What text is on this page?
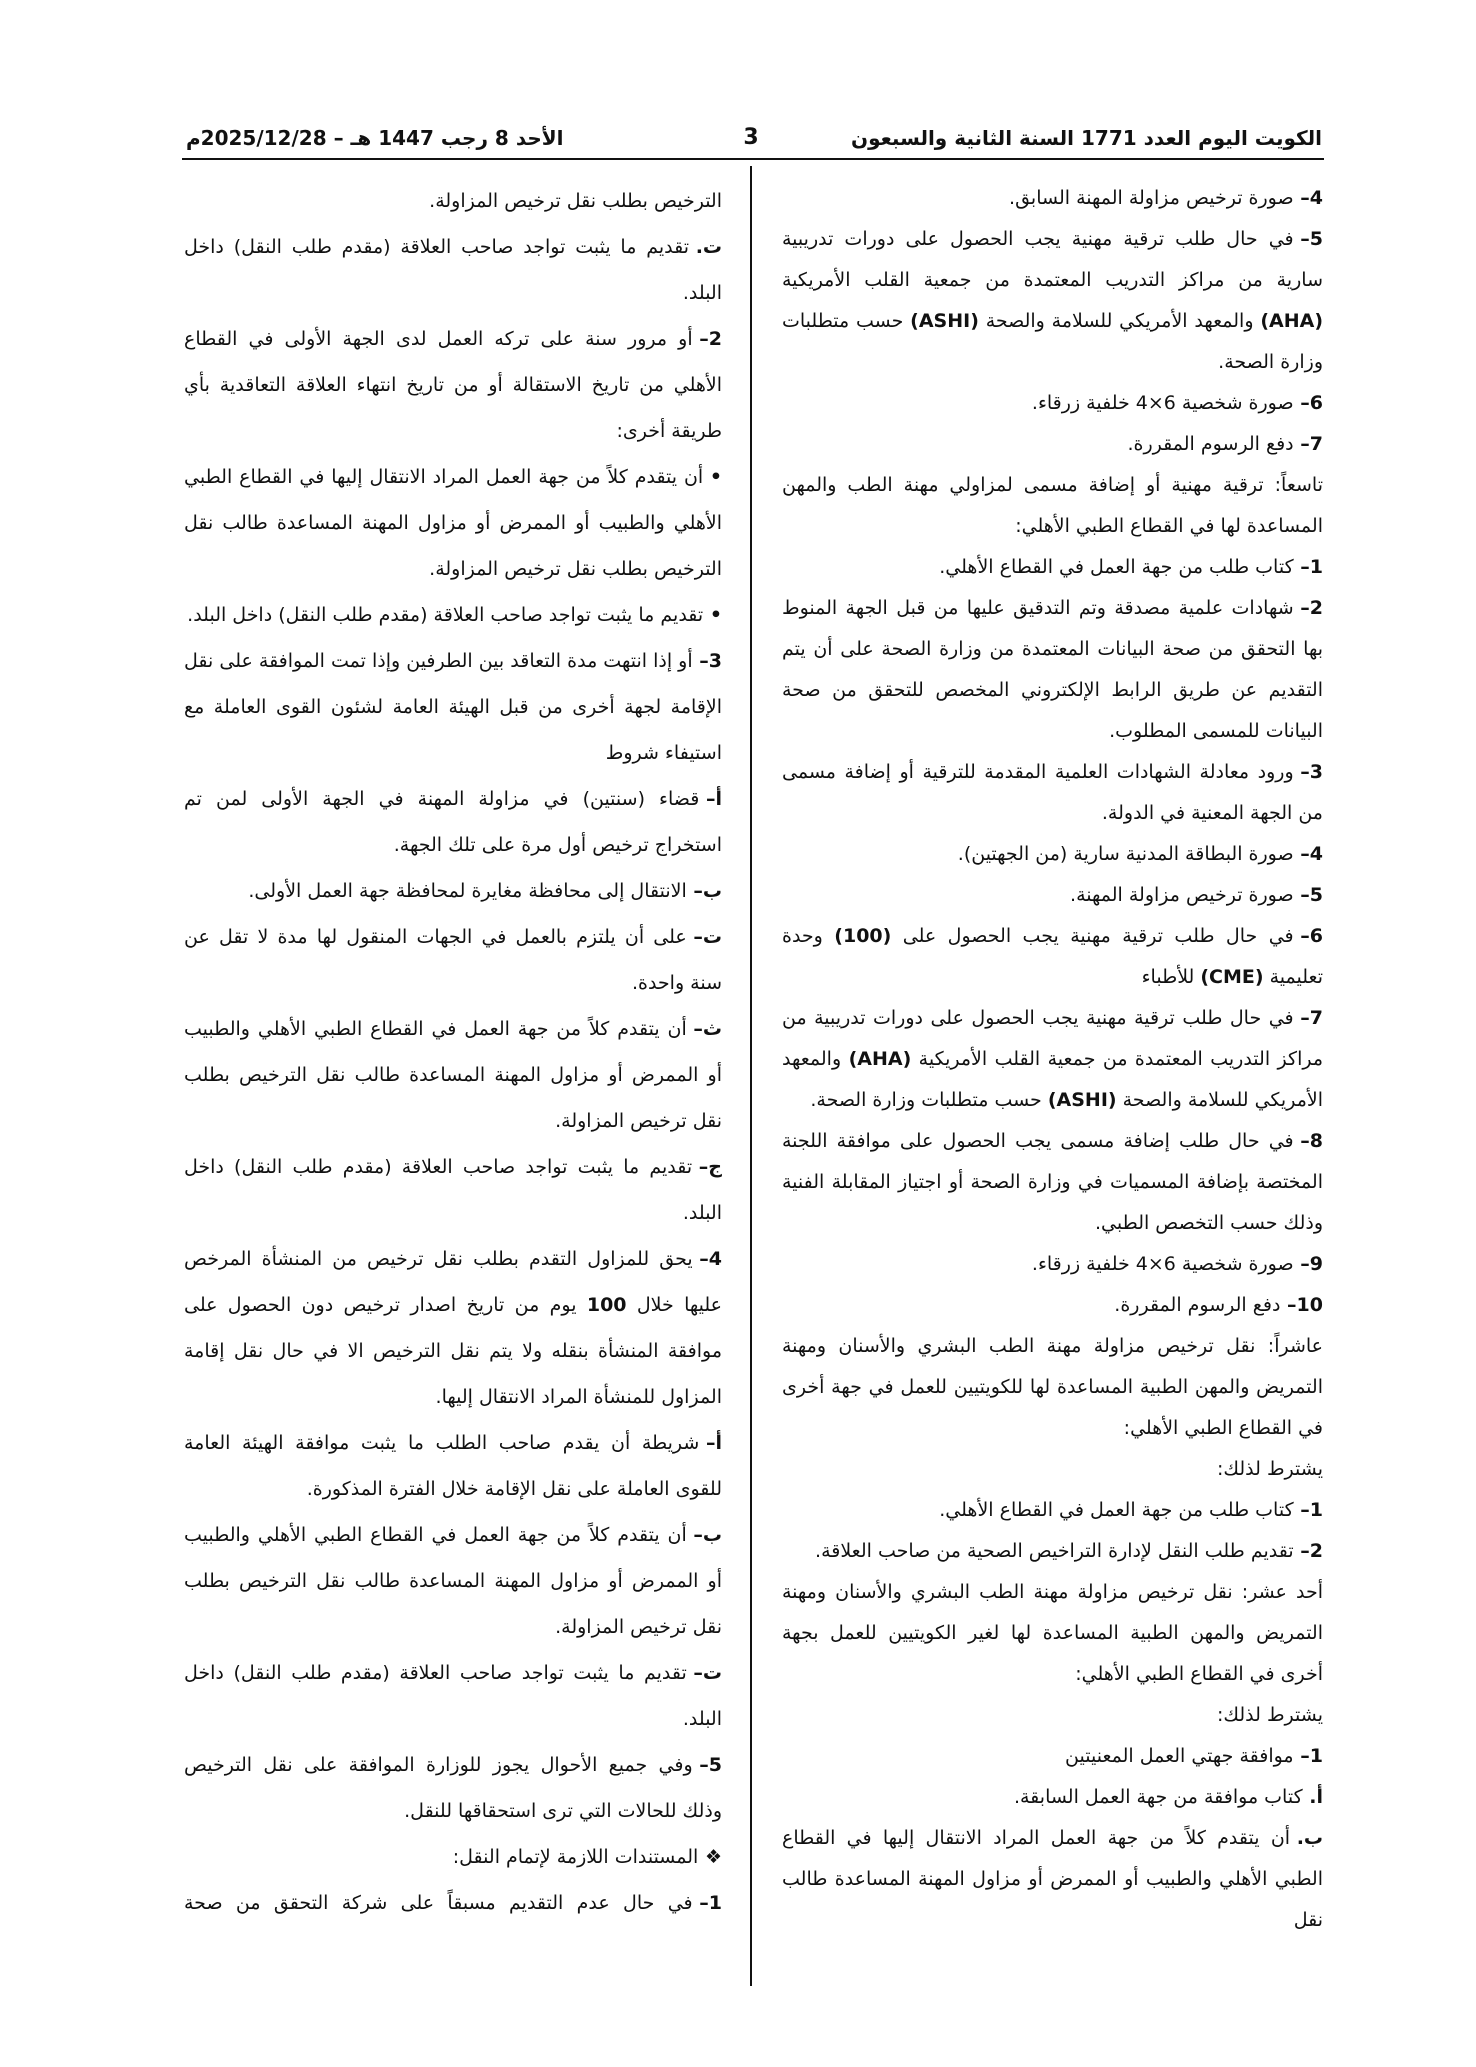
الكويت اليوم العدد 1771 السنة الثانية والسبعون
3
الأحد 8 رجب 1447 هـ – 2025/12/28م

4–صورة ترخيص مزاولة المهنة السابق.

5–في حال طلب ترقية مهنية يجب الحصول على دورات تدريبية سارية من مراكز التدريب المعتمدة من جمعية القلب الأمريكية (AHA) والمعهد الأمريكي للسلامة والصحة (ASHI) حسب متطلبات وزارة الصحة.

6–صورة شخصية 4×6 خلفية زرقاء.

7–دفع الرسوم المقررة.

تاسعاً: ترقية مهنية أو إضافة مسمى لمزاولي مهنة الطب والمهن المساعدة لها في القطاع الطبي الأهلي:

1–كتاب طلب من جهة العمل في القطاع الأهلي.

2–شهادات علمية مصدقة وتم التدقيق عليها من قبل الجهة المنوط بها التحقق من صحة البيانات المعتمدة من وزارة الصحة على أن يتم التقديم عن طريق الرابط الإلكتروني المخصص للتحقق من صحة البيانات للمسمى المطلوب.

3–ورود معادلة الشهادات العلمية المقدمة للترقية أو إضافة مسمى من الجهة المعنية في الدولة.

4–صورة البطاقة المدنية سارية (من الجهتين).

5–صورة ترخيص مزاولة المهنة.

6–في حال طلب ترقية مهنية يجب الحصول على (100) وحدة تعليمية (CME) للأطباء

7–في حال طلب ترقية مهنية يجب الحصول على دورات تدريبية من مراكز التدريب المعتمدة من جمعية القلب الأمريكية (AHA) والمعهد الأمريكي للسلامة والصحة (ASHI) حسب متطلبات وزارة الصحة.

8–في حال طلب إضافة مسمى يجب الحصول على موافقة اللجنة المختصة بإضافة المسميات في وزارة الصحة أو اجتياز المقابلة الفنية وذلك حسب التخصص الطبي.

9–صورة شخصية 4×6 خلفية زرقاء.

10–دفع الرسوم المقررة.

عاشراً: نقل ترخيص مزاولة مهنة الطب البشري والأسنان ومهنة التمريض والمهن الطبية المساعدة لها للكويتيين للعمل في جهة أخرى في القطاع الطبي الأهلي:

يشترط لذلك:

1–كتاب طلب من جهة العمل في القطاع الأهلي.

2–تقديم طلب النقل لإدارة التراخيص الصحية من صاحب العلاقة.

أحد عشر: نقل ترخيص مزاولة مهنة الطب البشري والأسنان ومهنة التمريض والمهن الطبية المساعدة لها لغير الكويتيين للعمل بجهة أخرى في القطاع الطبي الأهلي:

يشترط لذلك:

1–موافقة جهتي العمل المعنيتين

أ.كتاب موافقة من جهة العمل السابقة.

ب.أن يتقدم كلاً من جهة العمل المراد الانتقال إليها في القطاع الطبي الأهلي والطبيب أو الممرض أو مزاول المهنة المساعدة طالب نقل

الترخيص بطلب نقل ترخيص المزاولة.

ت.تقديم ما يثبت تواجد صاحب العلاقة (مقدم طلب النقل) داخل البلد.

2–أو مرور سنة على تركه العمل لدى الجهة الأولى في القطاع الأهلي من تاريخ الاستقالة أو من تاريخ انتهاء العلاقة التعاقدية بأي طريقة أخرى:

•أن يتقدم كلاً من جهة العمل المراد الانتقال إليها في القطاع الطبي الأهلي والطبيب أو الممرض أو مزاول المهنة المساعدة طالب نقل الترخيص بطلب نقل ترخيص المزاولة.

•تقديم ما يثبت تواجد صاحب العلاقة (مقدم طلب النقل) داخل البلد.

3–أو إذا انتهت مدة التعاقد بين الطرفين وإذا تمت الموافقة على نقل الإقامة لجهة أخرى من قبل الهيئة العامة لشئون القوى العاملة مع استيفاء شروط

أ–قضاء (سنتين) في مزاولة المهنة في الجهة الأولى لمن تم استخراج ترخيص أول مرة على تلك الجهة.

ب–الانتقال إلى محافظة مغايرة لمحافظة جهة العمل الأولى.

ت–على أن يلتزم بالعمل في الجهات المنقول لها مدة لا تقل عن سنة واحدة.

ث–أن يتقدم كلاً من جهة العمل في القطاع الطبي الأهلي والطبيب أو الممرض أو مزاول المهنة المساعدة طالب نقل الترخيص بطلب نقل ترخيص المزاولة.

ج–تقديم ما يثبت تواجد صاحب العلاقة (مقدم طلب النقل) داخل البلد.

4–يحق للمزاول التقدم بطلب نقل ترخيص من المنشأة المرخص عليها خلال 100 يوم من تاريخ اصدار ترخيص دون الحصول على موافقة المنشأة بنقله ولا يتم نقل الترخيص الا في حال نقل إقامة المزاول للمنشأة المراد الانتقال إليها.

أ–شريطة أن يقدم صاحب الطلب ما يثبت موافقة الهيئة العامة للقوى العاملة على نقل الإقامة خلال الفترة المذكورة.

ب–أن يتقدم كلاً من جهة العمل في القطاع الطبي الأهلي والطبيب أو الممرض أو مزاول المهنة المساعدة طالب نقل الترخيص بطلب نقل ترخيص المزاولة.

ت–تقديم ما يثبت تواجد صاحب العلاقة (مقدم طلب النقل) داخل البلد.

5–وفي جميع الأحوال يجوز للوزارة الموافقة على نقل الترخيص وذلك للحالات التي ترى استحقاقها للنقل.

❖المستندات اللازمة لإتمام النقل:

1–في حال عدم التقديم مسبقاً على شركة التحقق من صحة
